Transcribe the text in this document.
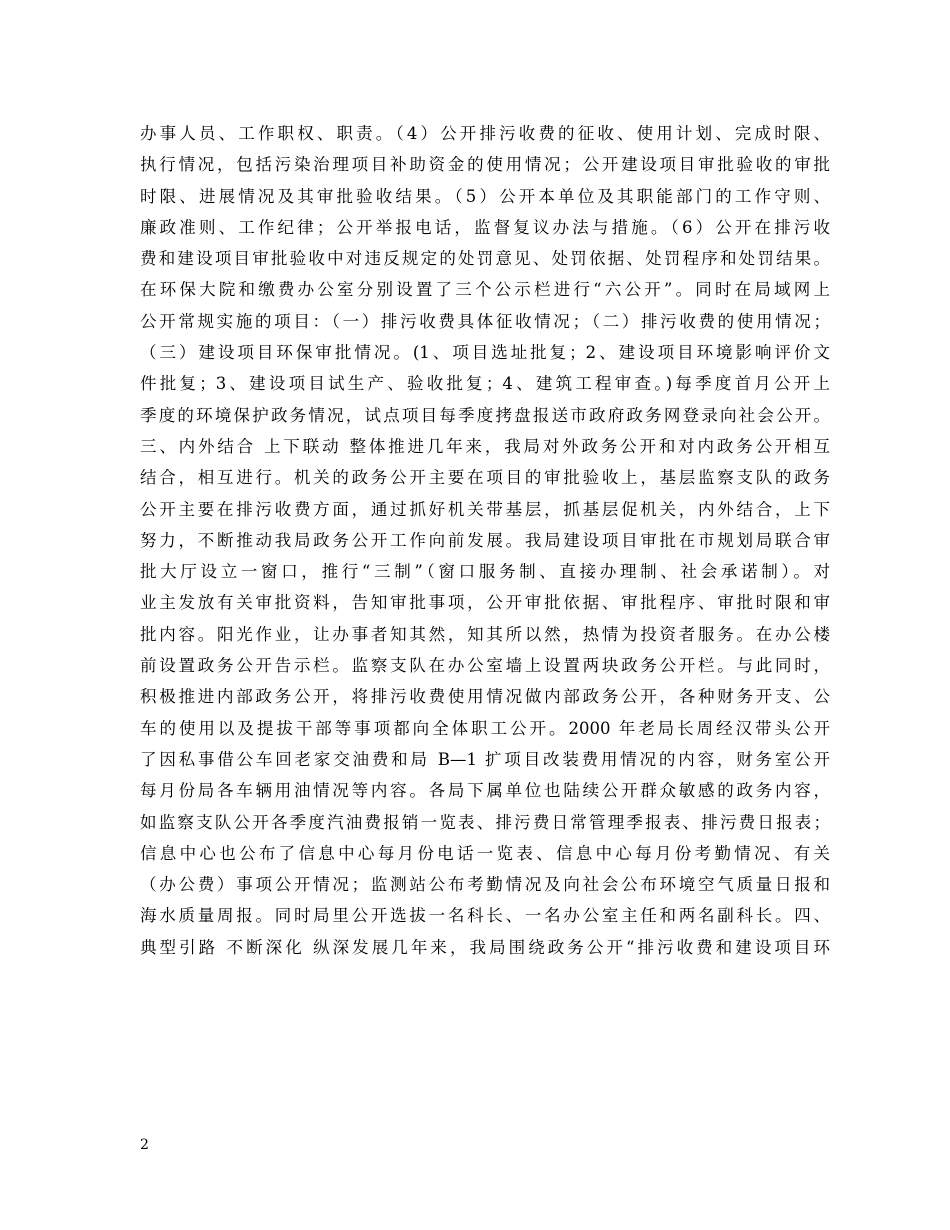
办事人员、工作职权、职责。（4）公开排污收费的征收、使用计划、完成时限、
执行情况，包括污染治理项目补助资金的使用情况；公开建设项目审批验收的审批
时限、进展情况及其审批验收结果。（5）公开本单位及其职能部门的工作守则、
廉政准则、工作纪律；公开举报电话，监督复议办法与措施。（6）公开在排污收
费和建设项目审批验收中对违反规定的处罚意见、处罚依据、处罚程序和处罚结果。
在环保大院和缴费办公室分别设置了三个公示栏进行“六公开”。同时在局域网上
公开常规实施的项目：（一）排污收费具体征收情况；（二）排污收费的使用情况；
（三）建设项目环保审批情况。(1、项目选址批复；2、建设项目环境影响评价文
件批复；3、建设项目试生产、验收批复；4、建筑工程审查。)每季度首月公开上
季度的环境保护政务情况，试点项目每季度拷盘报送市政府政务网登录向社会公开。
三、内外结合 上下联动 整体推进几年来，我局对外政务公开和对内政务公开相互
结合，相互进行。机关的政务公开主要在项目的审批验收上，基层监察支队的政务
公开主要在排污收费方面，通过抓好机关带基层，抓基层促机关，内外结合，上下
努力，不断推动我局政务公开工作向前发展。我局建设项目审批在市规划局联合审
批大厅设立一窗口，推行“三制”（窗口服务制、直接办理制、社会承诺制）。对
业主发放有关审批资料，告知审批事项，公开审批依据、审批程序、审批时限和审
批内容。阳光作业，让办事者知其然，知其所以然，热情为投资者服务。在办公楼
前设置政务公开告示栏。监察支队在办公室墙上设置两块政务公开栏。与此同时，
积极推进内部政务公开，将排污收费使用情况做内部政务公开，各种财务开支、公
车的使用以及提拔干部等事项都向全体职工公开。2000 年老局长周经汉带头公开
了因私事借公车回老家交油费和局 B—1 扩项目改装费用情况的内容，财务室公开
每月份局各车辆用油情况等内容。各局下属单位也陆续公开群众敏感的政务内容，
如监察支队公开各季度汽油费报销一览表、排污费日常管理季报表、排污费日报表；
信息中心也公布了信息中心每月份电话一览表、信息中心每月份考勤情况、有关
（办公费）事项公开情况；监测站公布考勤情况及向社会公布环境空气质量日报和
海水质量周报。同时局里公开选拔一名科长、一名办公室主任和两名副科长。四、
典型引路 不断深化 纵深发展几年来，我局围绕政务公开“排污收费和建设项目环
2
